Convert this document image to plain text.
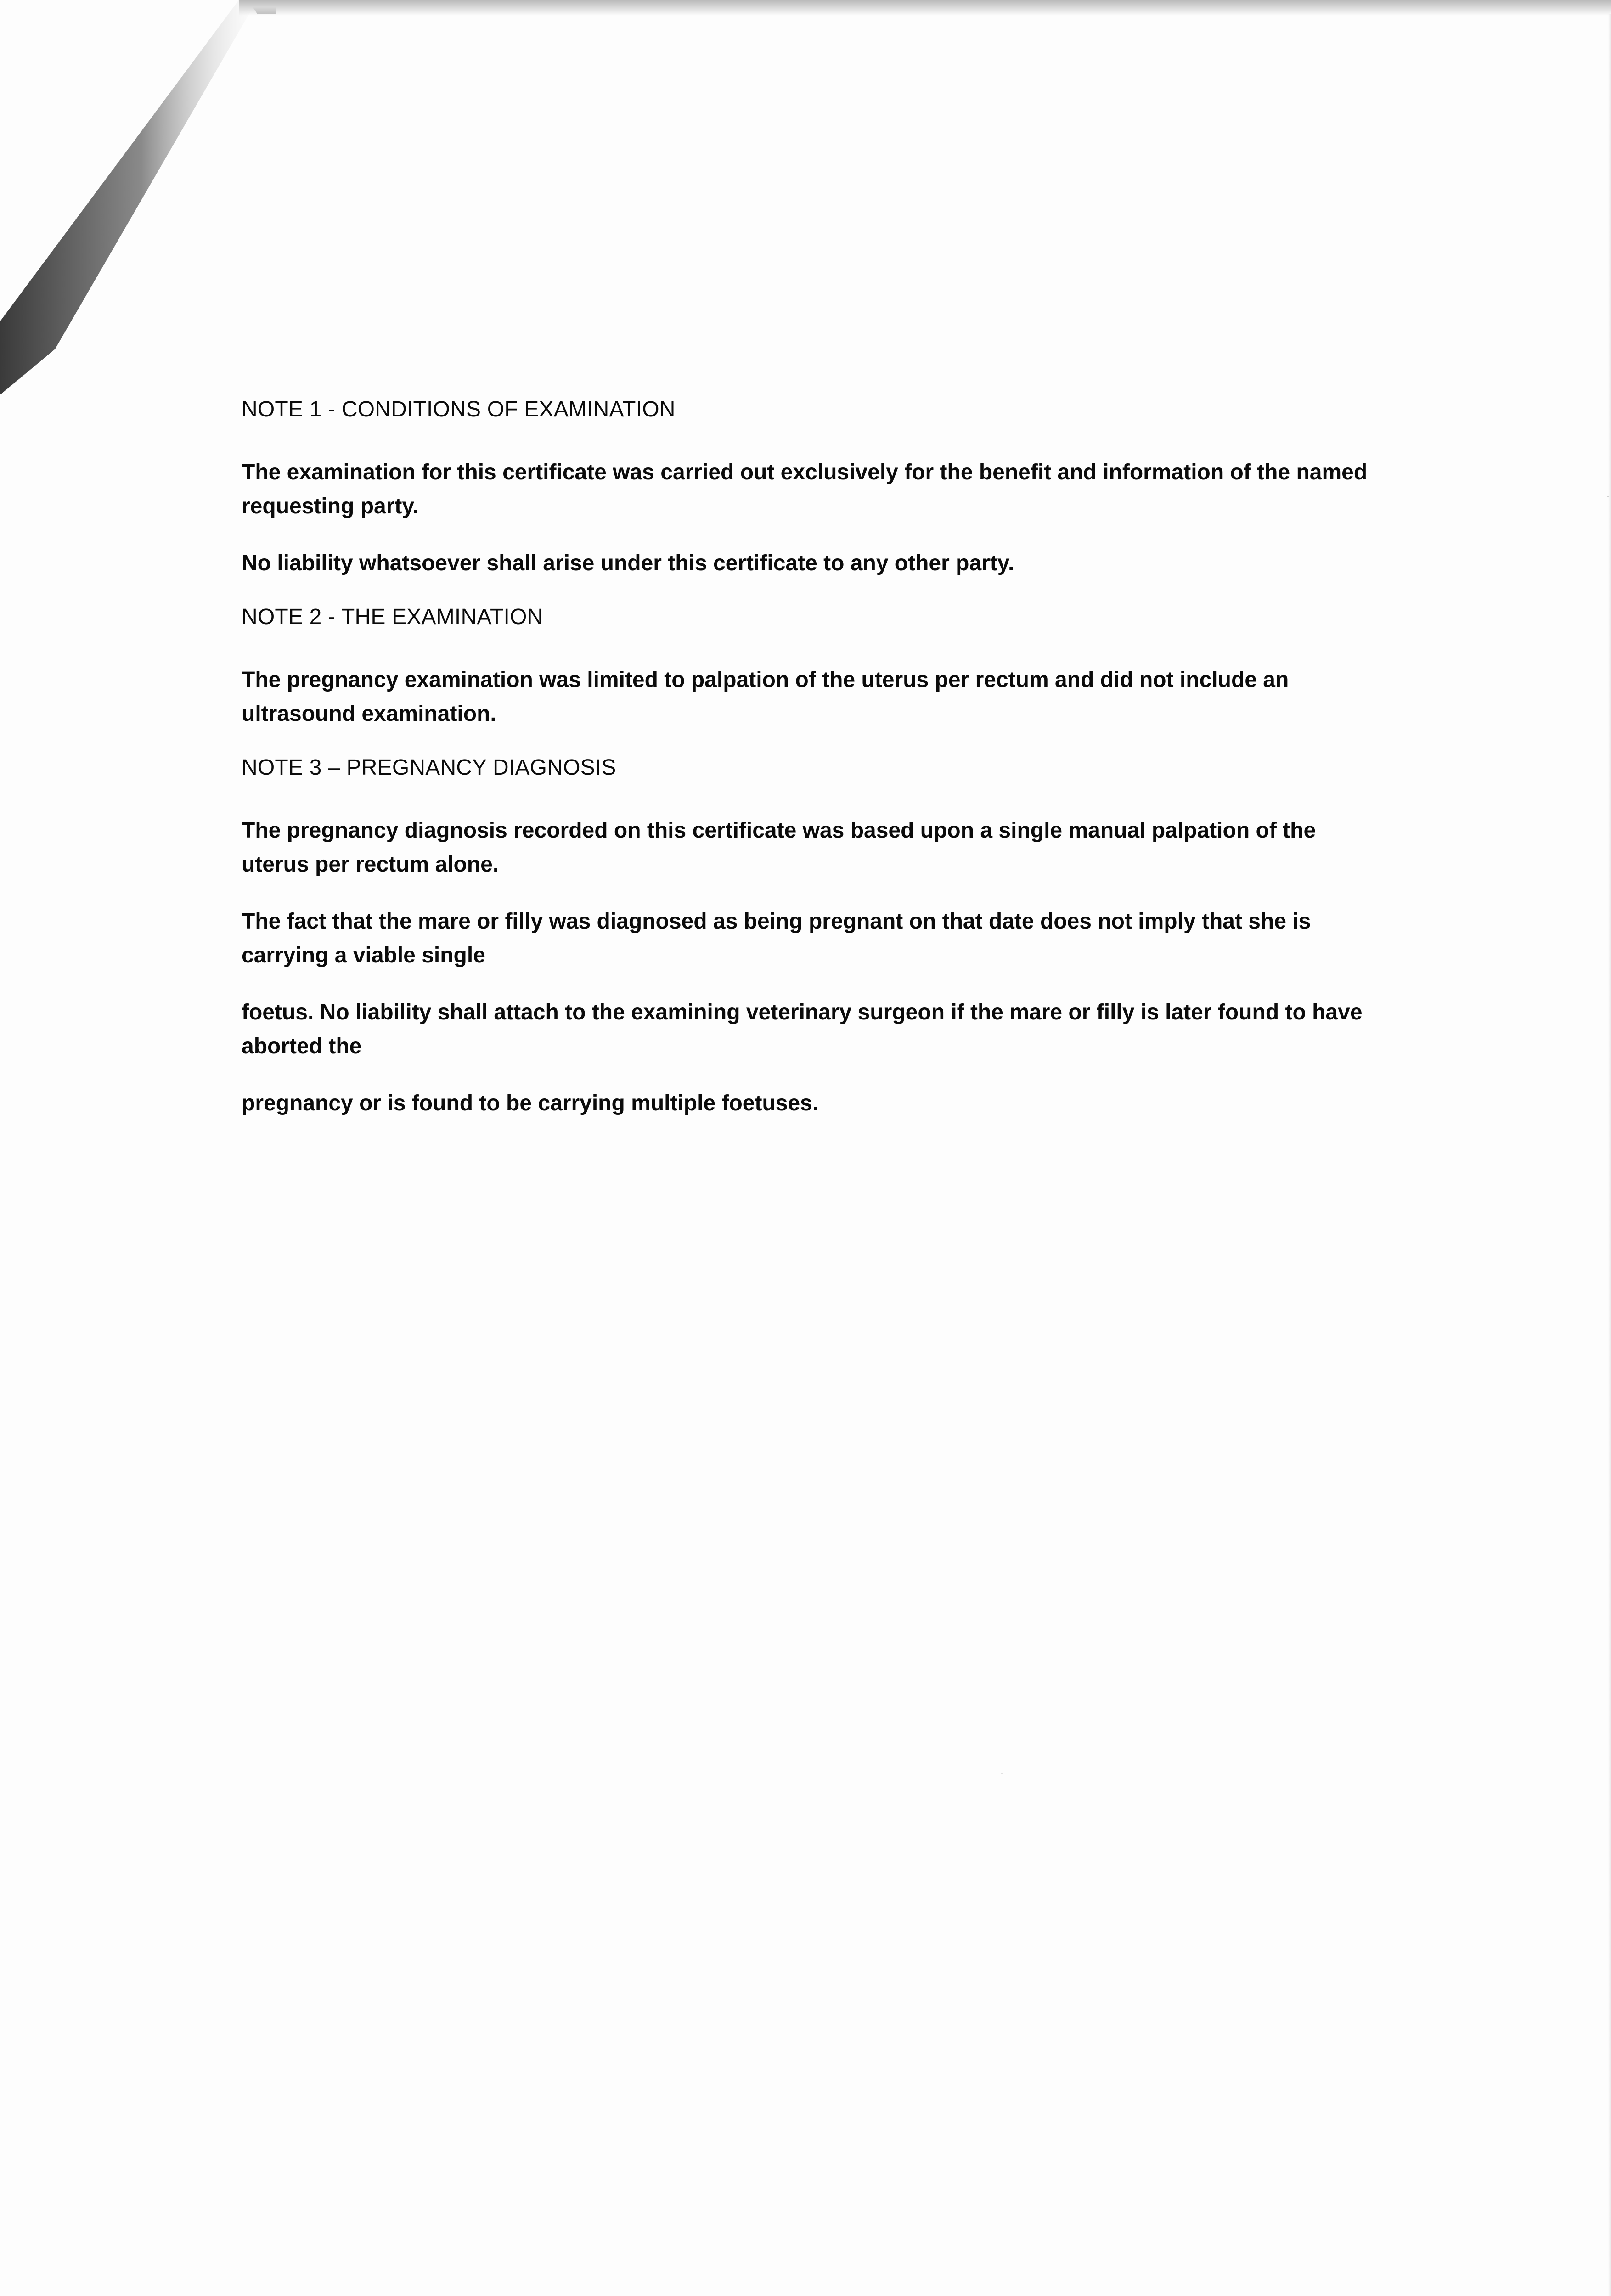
NOTE 1 - CONDITIONS OF EXAMINATION
The examination for this certificate was carried out exclusively for the benefit and information of the named requesting party.
No liability whatsoever shall arise under this certificate to any other party.
NOTE 2 - THE EXAMINATION
The pregnancy examination was limited to palpation of the uterus per rectum and did not include an ultrasound examination.
NOTE 3 – PREGNANCY DIAGNOSIS
The pregnancy diagnosis recorded on this certificate was based upon a single manual palpation of the uterus per rectum alone.
The fact that the mare or filly was diagnosed as being pregnant on that date does not imply that she is carrying a viable single
foetus. No liability shall attach to the examining veterinary surgeon if the mare or filly is later found to have aborted the
pregnancy or is found to be carrying multiple foetuses.
